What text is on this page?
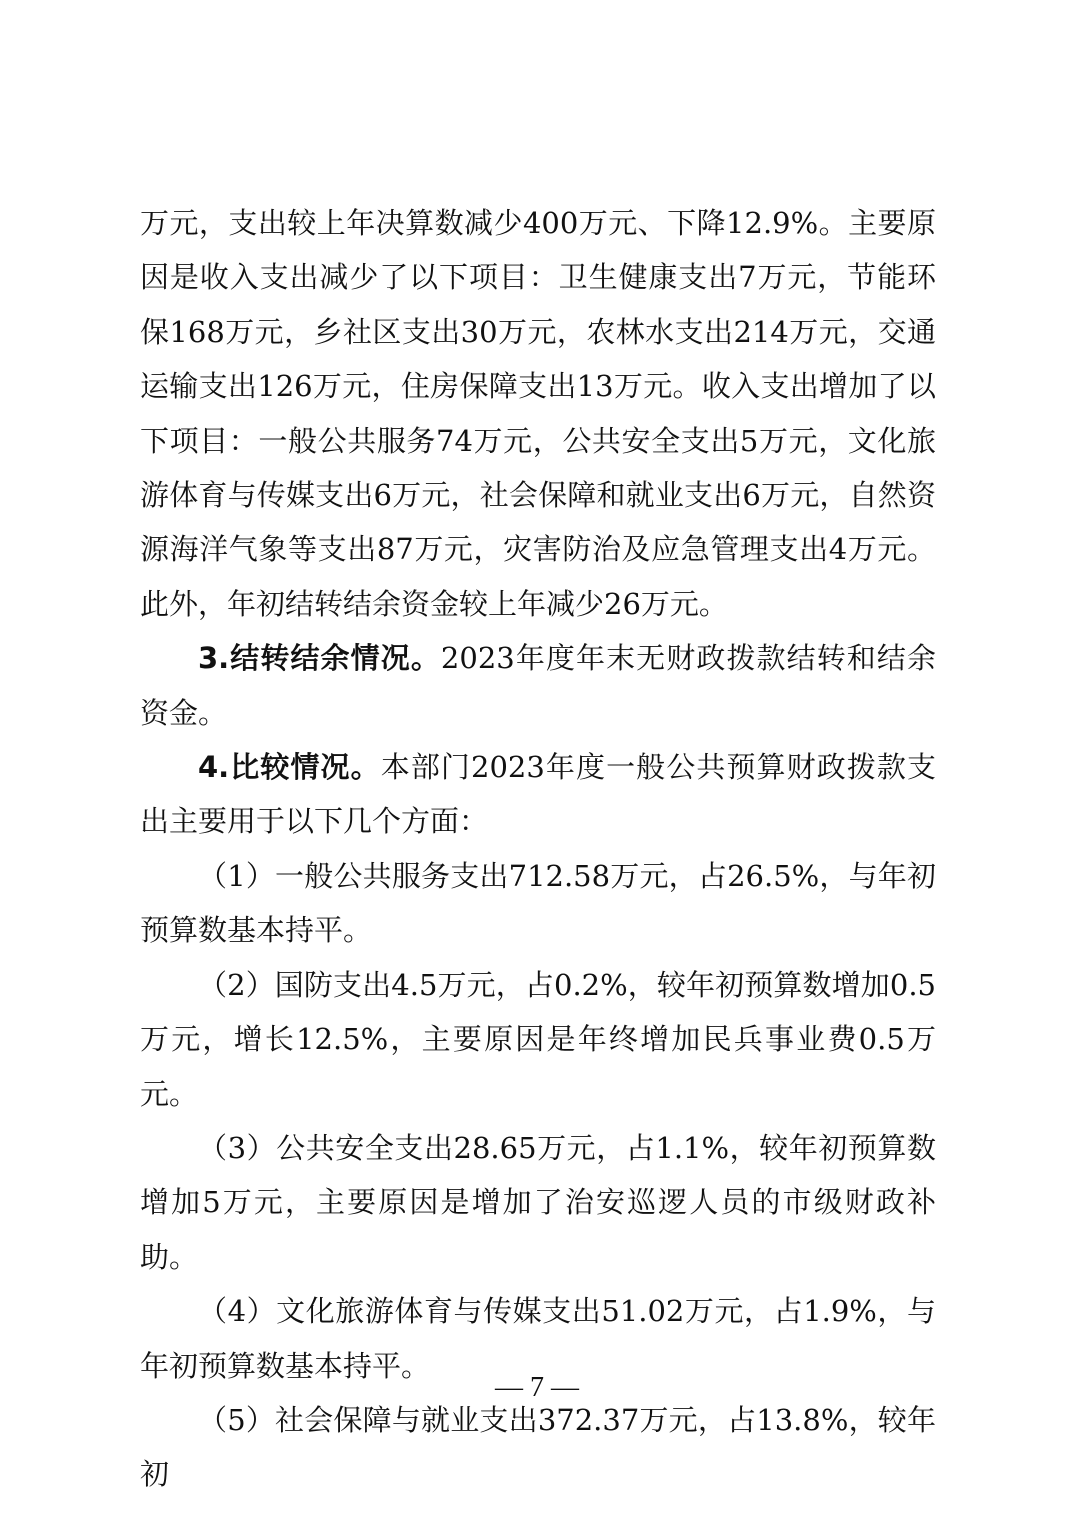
万元，支出较上年决算数减少400万元、下降12.9%。主要原因是收入支出减少了以下项目：卫生健康支出7万元，节能环保168万元，乡社区支出30万元，农林水支出214万元，交通运输支出126万元，住房保障支出13万元。收入支出增加了以下项目：一般公共服务74万元，公共安全支出5万元，文化旅游体育与传媒支出6万元，社会保障和就业支出6万元，自然资源海洋气象等支出87万元，灾害防治及应急管理支出4万元。此外，年初结转结余资金较上年减少26万元。

3.结转结余情况。2023年度年末无财政拨款结转和结余资金。

4.比较情况。本部门2023年度一般公共预算财政拨款支出主要用于以下几个方面：

（1）一般公共服务支出712.58万元，占26.5%，与年初预算数基本持平。

（2）国防支出4.5万元，占0.2%，较年初预算数增加0.5万元，增长12.5%，主要原因是年终增加民兵事业费0.5万元。

（3）公共安全支出28.65万元，占1.1%，较年初预算数增加5万元，主要原因是增加了治安巡逻人员的市级财政补助。

（4）文化旅游体育与传媒支出51.02万元，占1.9%，与年初预算数基本持平。

（5）社会保障与就业支出372.37万元，占13.8%，较年初

— 7 —
